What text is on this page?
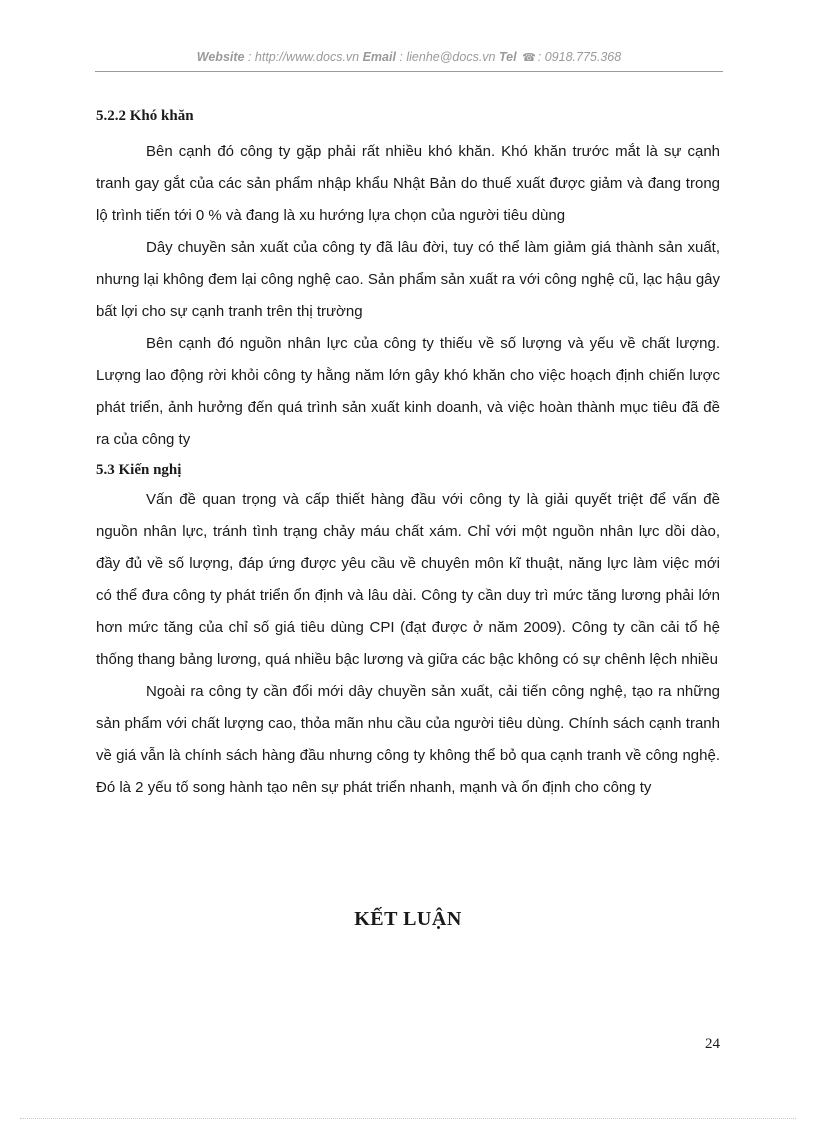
Website : http://www.docs.vn Email : lienhe@docs.vn Tel ☎ : 0918.775.368
5.2.2 Khó khăn

Bên cạnh đó công ty gặp phải rất nhiều khó khăn. Khó khăn trước mắt là sự cạnh tranh gay gắt của các sản phẩm nhập khẩu Nhật Bản do thuế xuất được giảm và đang trong lộ trình tiến tới 0 % và đang là xu hướng lựa chọn của người tiêu dùng

Dây chuyền sản xuất của công ty đã lâu đời, tuy có thể làm giảm giá thành sản xuất, nhưng lại không đem lại công nghệ cao. Sản phẩm sản xuất ra với công nghệ cũ, lạc hậu gây bất lợi cho sự cạnh tranh trên thị trường

Bên cạnh đó nguồn nhân lực của công ty thiếu về số lượng và yếu về chất lượng. Lượng lao động rời khỏi công ty hằng năm lớn gây khó khăn cho việc hoạch định chiến lược phát triển, ảnh hưởng đến quá trình sản xuất kinh doanh, và việc hoàn thành mục tiêu đã đề ra của công ty

5.3 Kiến nghị

Vấn đề quan trọng và cấp thiết hàng đầu với công ty là giải quyết triệt để vấn đề nguồn nhân lực, tránh tình trạng chảy máu chất xám. Chỉ với một nguồn nhân lực dồi dào, đầy đủ về số lượng, đáp ứng được yêu cầu về chuyên môn kĩ thuật, năng lực làm việc mới có thể đưa công ty phát triển ổn định và lâu dài. Công ty cần duy trì mức tăng lương phải lớn hơn mức tăng của chỉ số giá tiêu dùng CPI (đạt được ở năm 2009). Công ty cần cải tổ hệ thống thang bảng lương, quá nhiều bậc lương và giữa các bậc không có sự chênh lệch nhiều

Ngoài ra công ty cần đổi mới dây chuyền sản xuất, cải tiến công nghệ, tạo ra những sản phẩm với chất lượng cao, thỏa mãn nhu cầu của người tiêu dùng. Chính sách cạnh tranh về giá vẫn là chính sách hàng đầu nhưng công ty không thể bỏ qua cạnh tranh về công nghệ. Đó là 2 yếu tố song hành tạo nên sự phát triển nhanh, mạnh và ổn định cho công ty

KẾT LUẬN
24
